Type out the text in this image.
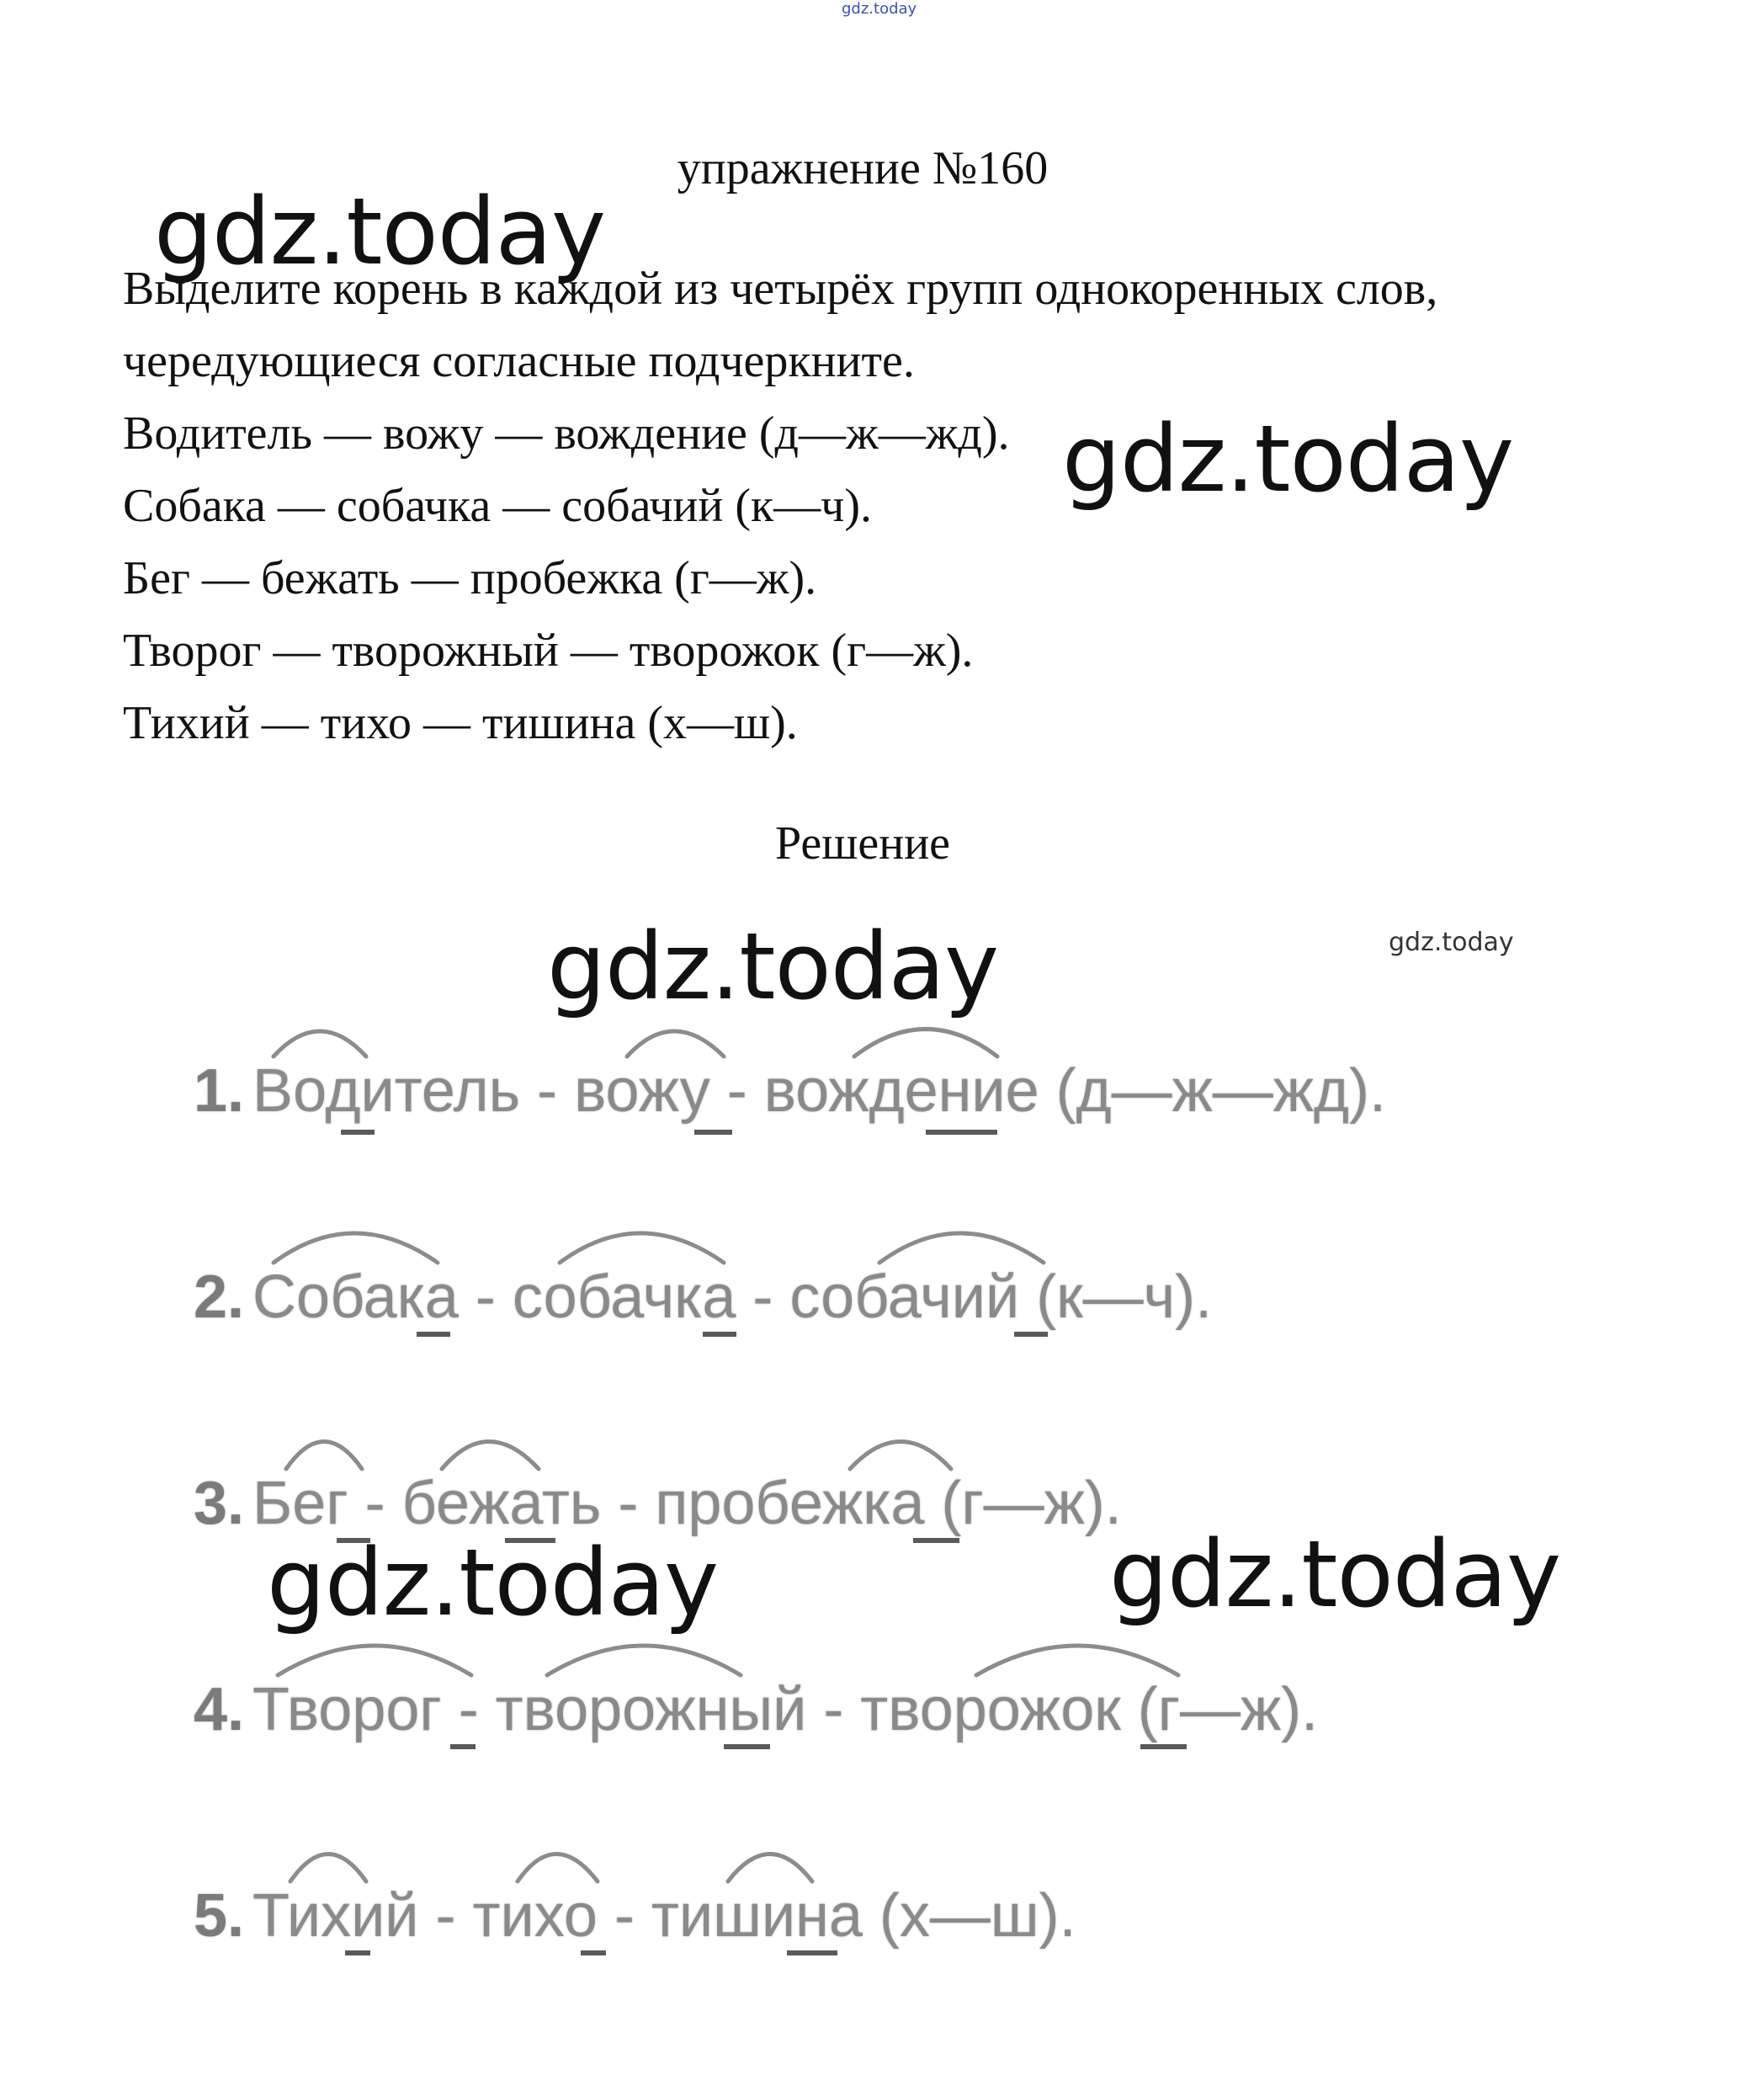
gdz.today
gdz.today
gdz.today
gdz.today	gdz.today
gdz.today	gdz.today
упражнение №160

Выделите корень в каждой из четырёх групп однокоренных слов,

чередующиеся согласные подчеркните.

Водитель — вожу — вождение (д—ж—жд).

Собака — собачка — собачий (к—ч).

Бег — бежать — пробежка (г—ж).

Творог — творожный — творожок (г—ж).

Тихий — тихо — тишина (х—ш).

Решение
1. Водитель - вожу - вождение (д—ж—жд).
2. Собака - собачка - собачий (к—ч).
3. Бег - бежать - пробежка (г—ж).
4. Творог - творожный - творожок (г—ж).
5. Тихий - тихо - тишина (х—ш).
